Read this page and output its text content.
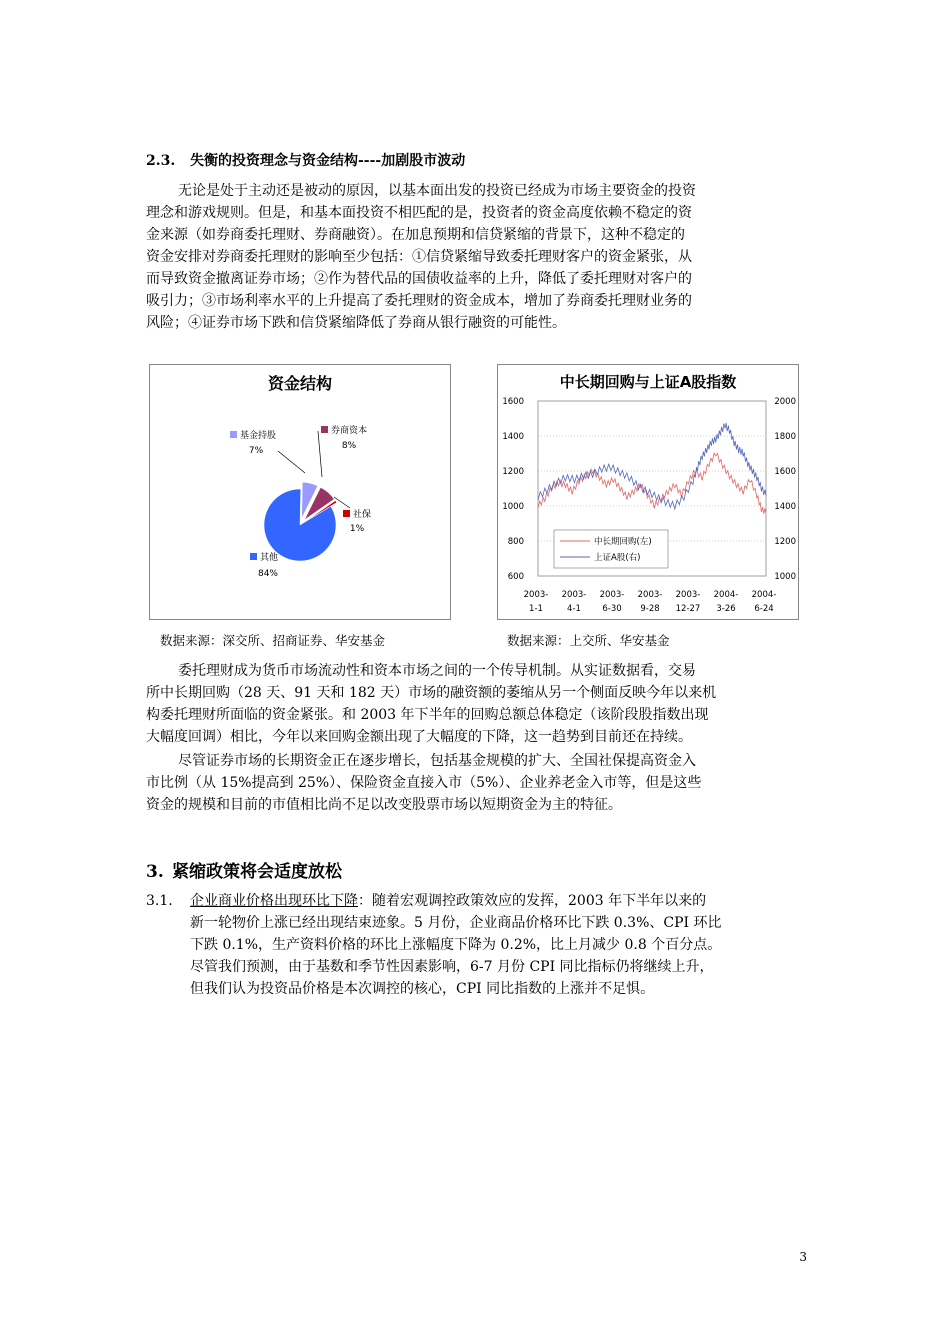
2.3. 失衡的投资理念与资金结构----加剧股市波动
无论是处于主动还是被动的原因，以基本面出发的投资已经成为市场主要资金的投资
理念和游戏规则。但是，和基本面投资不相匹配的是，投资者的资金高度依赖不稳定的资
金来源（如券商委托理财、券商融资）。在加息预期和信贷紧缩的背景下，这种不稳定的
资金安排对券商委托理财的影响至少包括：①信贷紧缩导致委托理财客户的资金紧张，从
而导致资金撤离证券市场；②作为替代品的国债收益率的上升，降低了委托理财对客户的
吸引力；③市场利率水平的上升提高了委托理财的资金成本，增加了券商委托理财业务的
风险；④证券市场下跌和信贷紧缩降低了券商从银行融资的可能性。
资金结构
基金持股
7%
券商资本
8%
社保
1%
其他
84%
中长期回购与上证A股指数
1600
1400
1200
1000
800
600
2000
1800
1600
1400
1200
1000
2003-
1-1
2003-
4-1
2003-
6-30
2003-
9-28
2003-
12-27
2004-
3-26
2004-
6-24
中长期回购(左)
上证A股(右)
数据来源：深交所、招商证券、华安基金	数据来源：上交所、华安基金
委托理财成为货币市场流动性和资本市场之间的一个传导机制。从实证数据看，交易
所中长期回购（28 天、91 天和 182 天）市场的融资额的萎缩从另一个侧面反映今年以来机
构委托理财所面临的资金紧张。和 2003 年下半年的回购总额总体稳定（该阶段股指数出现
大幅度回调）相比，今年以来回购金额出现了大幅度的下降，这一趋势到目前还在持续。
尽管证券市场的长期资金正在逐步增长，包括基金规模的扩大、全国社保提高资金入
市比例（从 15%提高到 25%）、保险资金直接入市（5%）、企业养老金入市等，但是这些
资金的规模和目前的市值相比尚不足以改变股票市场以短期资金为主的特征。
3. 紧缩政策将会适度放松
3.1. 企业商业价格出现环比下降：随着宏观调控政策效应的发挥，2003 年下半年以来的
新一轮物价上涨已经出现结束迹象。5 月份，企业商品价格环比下跌 0.3%、CPI 环比
下跌 0.1%，生产资料价格的环比上涨幅度下降为 0.2%，比上月减少 0.8 个百分点。
尽管我们预测，由于基数和季节性因素影响，6-7 月份 CPI 同比指标仍将继续上升，
但我们认为投资品价格是本次调控的核心，CPI 同比指数的上涨并不足惧。
3
